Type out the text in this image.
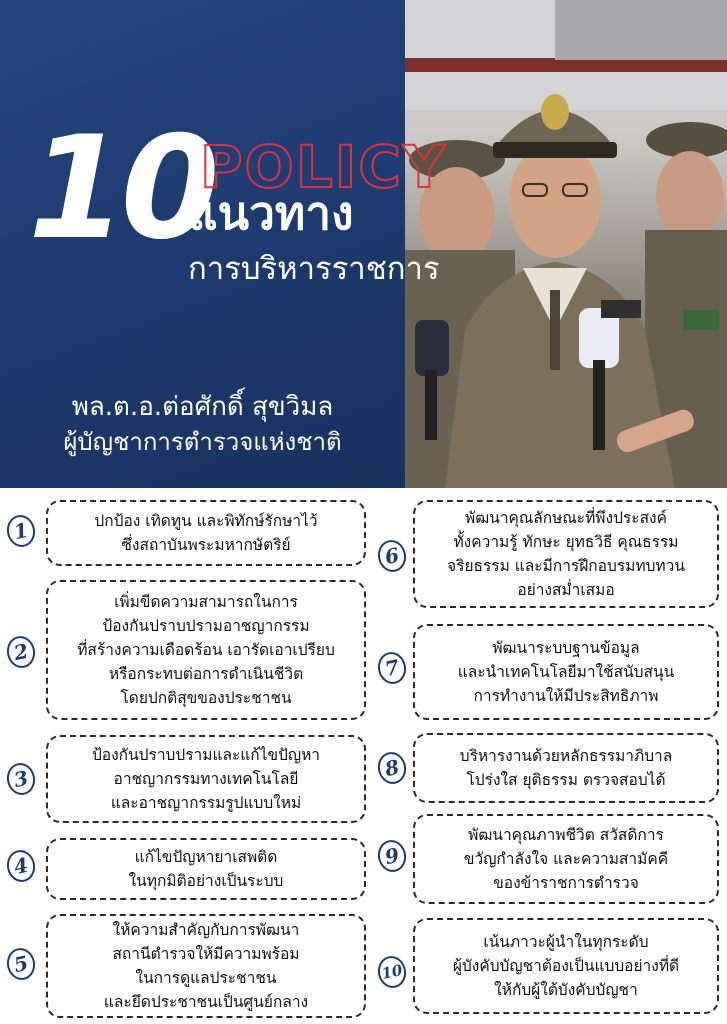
10
POLICY
แนวทาง
การบริหารราชการ
พล.ต.อ.ต่อศักดิ์ สุขวิมล
ผู้บัญชาการตำรวจแห่งชาติ
1	ปกป้อง เทิดทูน และพิทักษ์รักษาไว้
ซึ่งสถาบันพระมหากษัตริย์
2
เพิ่มขีดความสามารถในการ
ป้องกันปราบปรามอาชญากรรม
ที่สร้างความเดือดร้อน เอารัดเอาเปรียบ
หรือกระทบต่อการดำเนินชีวิต
โดยปกติสุขของประชาชน
3
ป้องกันปราบปรามและแก้ไขปัญหา
อาชญากรรมทางเทคโนโลยี
และอาชญากรรมรูปแบบใหม่
4	แก้ไขปัญหายาเสพติด
ในทุกมิติอย่างเป็นระบบ
5
ให้ความสำคัญกับการพัฒนา
สถานีตำรวจให้มีความพร้อม
ในการดูแลประชาชน
และยึดประชาชนเป็นศูนย์กลาง
6
พัฒนาคุณลักษณะที่พึงประสงค์
ทั้งความรู้ ทักษะ ยุทธวิธี คุณธรรม
จริยธรรม และมีการฝึกอบรมทบทวน
อย่างสม่ำเสมอ
7
พัฒนาระบบฐานข้อมูล
และนำเทคโนโลยีมาใช้สนับสนุน
การทำงานให้มีประสิทธิภาพ
8	บริหารงานด้วยหลักธรรมาภิบาล
โปร่งใส ยุติธรรม ตรวจสอบได้
9
พัฒนาคุณภาพชีวิต สวัสดิการ
ขวัญกำลังใจ และความสามัคคี
ของข้าราชการตำรวจ
10
เน้นภาวะผู้นำในทุกระดับ
ผู้บังคับบัญชาต้องเป็นแบบอย่างที่ดี
ให้กับผู้ใต้บังคับบัญชา
